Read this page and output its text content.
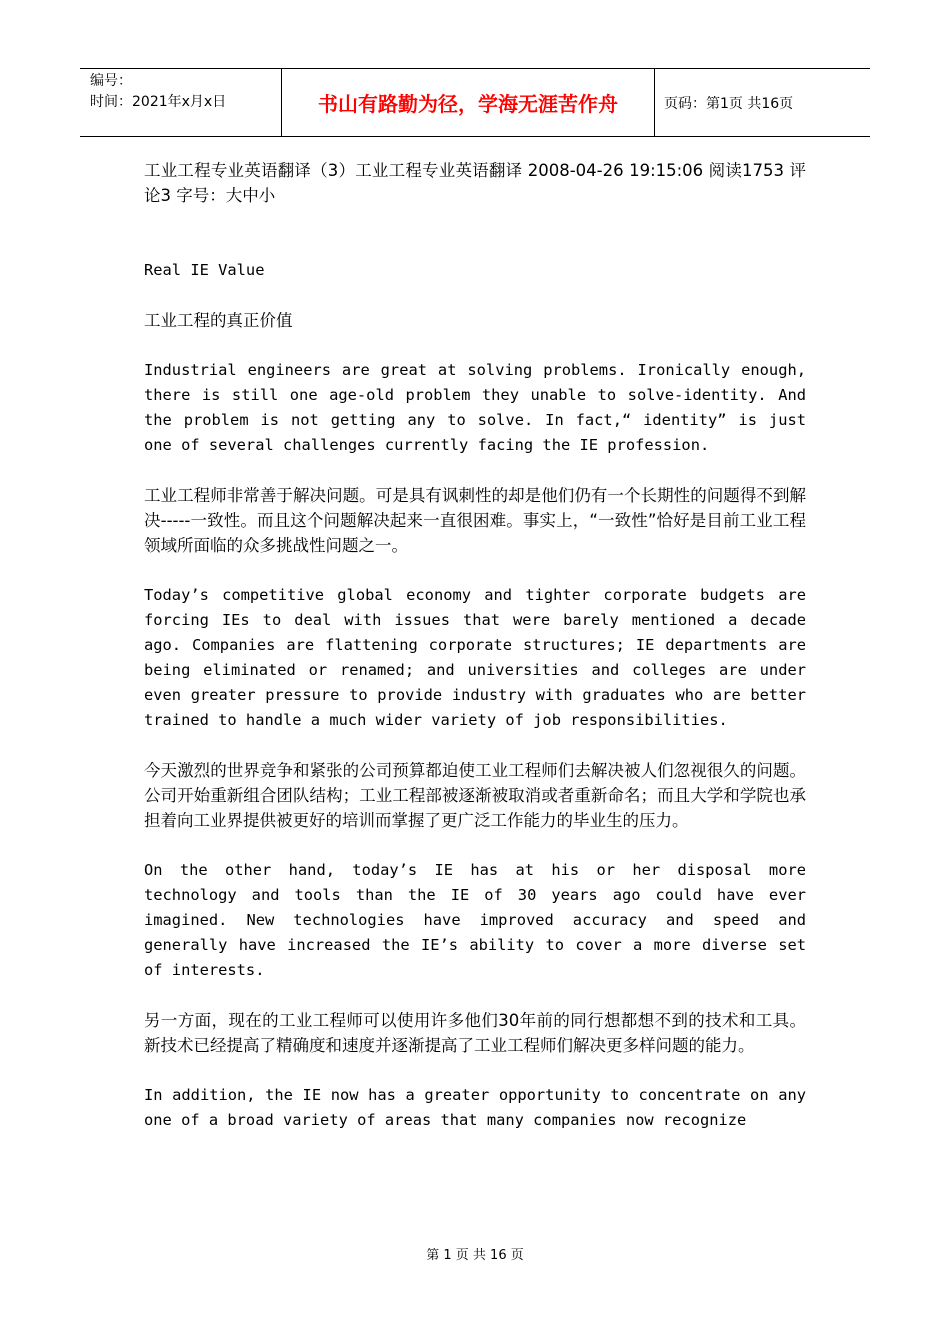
编号：
时间：2021年x月x日	书山有路勤为径，学海无涯苦作舟	页码：第1页 共16页

工业工程专业英语翻译（3）工业工程专业英语翻译 2008-04-26 19:15:06 阅读1753 评论3 字号：大中小

Real IE Value

工业工程的真正价值

Industrial engineers are great at solving problems. Ironically enough, there is still one age-old problem they unable to solve-identity. And the problem is not getting any to solve. In fact,“ identity” is just one of several challenges currently facing the IE profession.

工业工程师非常善于解决问题。可是具有讽刺性的却是他们仍有一个长期性的问题得不到解决-----一致性。而且这个问题解决起来一直很困难。事实上，“一致性”恰好是目前工业工程领域所面临的众多挑战性问题之一。

Today’s competitive global economy and tighter corporate budgets are forcing IEs to deal with issues that were barely mentioned a decade ago. Companies are flattening corporate structures; IE departments are being eliminated or renamed; and universities and colleges are under even greater pressure to provide industry with graduates who are better trained to handle a much wider variety of job responsibilities.

今天激烈的世界竞争和紧张的公司预算都迫使工业工程师们去解决被人们忽视很久的问题。公司开始重新组合团队结构；工业工程部被逐渐被取消或者重新命名；而且大学和学院也承担着向工业界提供被更好的培训而掌握了更广泛工作能力的毕业生的压力。

On the other hand, today’s IE has at his or her disposal more technology and tools than the IE of 30 years ago could have ever imagined. New technologies have improved accuracy and speed and generally have increased the IE’s ability to cover a more diverse set of interests.

另一方面，现在的工业工程师可以使用许多他们30年前的同行想都想不到的技术和工具。新技术已经提高了精确度和速度并逐渐提高了工业工程师们解决更多样问题的能力。

In addition, the IE now has a greater opportunity to concentrate on any one of a broad variety of areas that many companies now recognize

第 1 页 共 16 页
